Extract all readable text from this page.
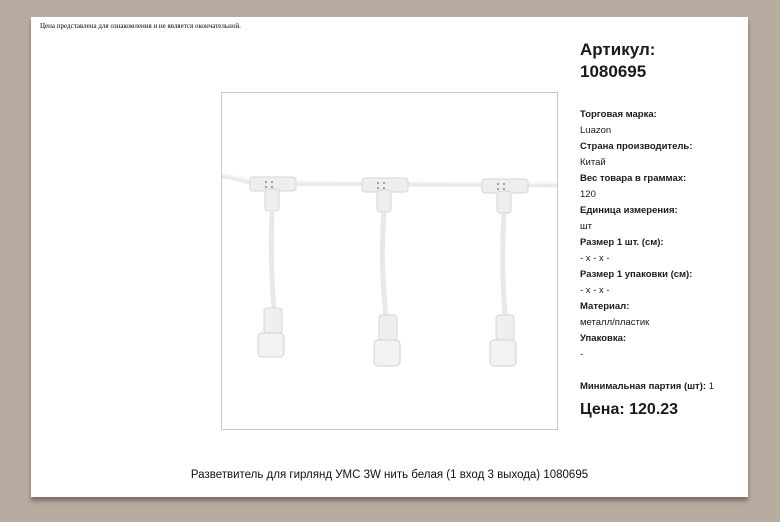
Цена представлена для ознакомления и не является окончательной.
Артикул:
1080695
Торговая марка:
Luazon
Страна производитель:
Китай
Вес товара в граммах:
120
Единица измерения:
шт
Размер 1 шт. (см):
- x - x -
Размер 1 упаковки (см):
- x - x -
Материал:
металл/пластик
Упаковка:
-
Минимальная партия (шт): 1
Цена: 120.23
Разветвитель для гирлянд УМС 3W нить белая (1 вход 3 выхода) 1080695
